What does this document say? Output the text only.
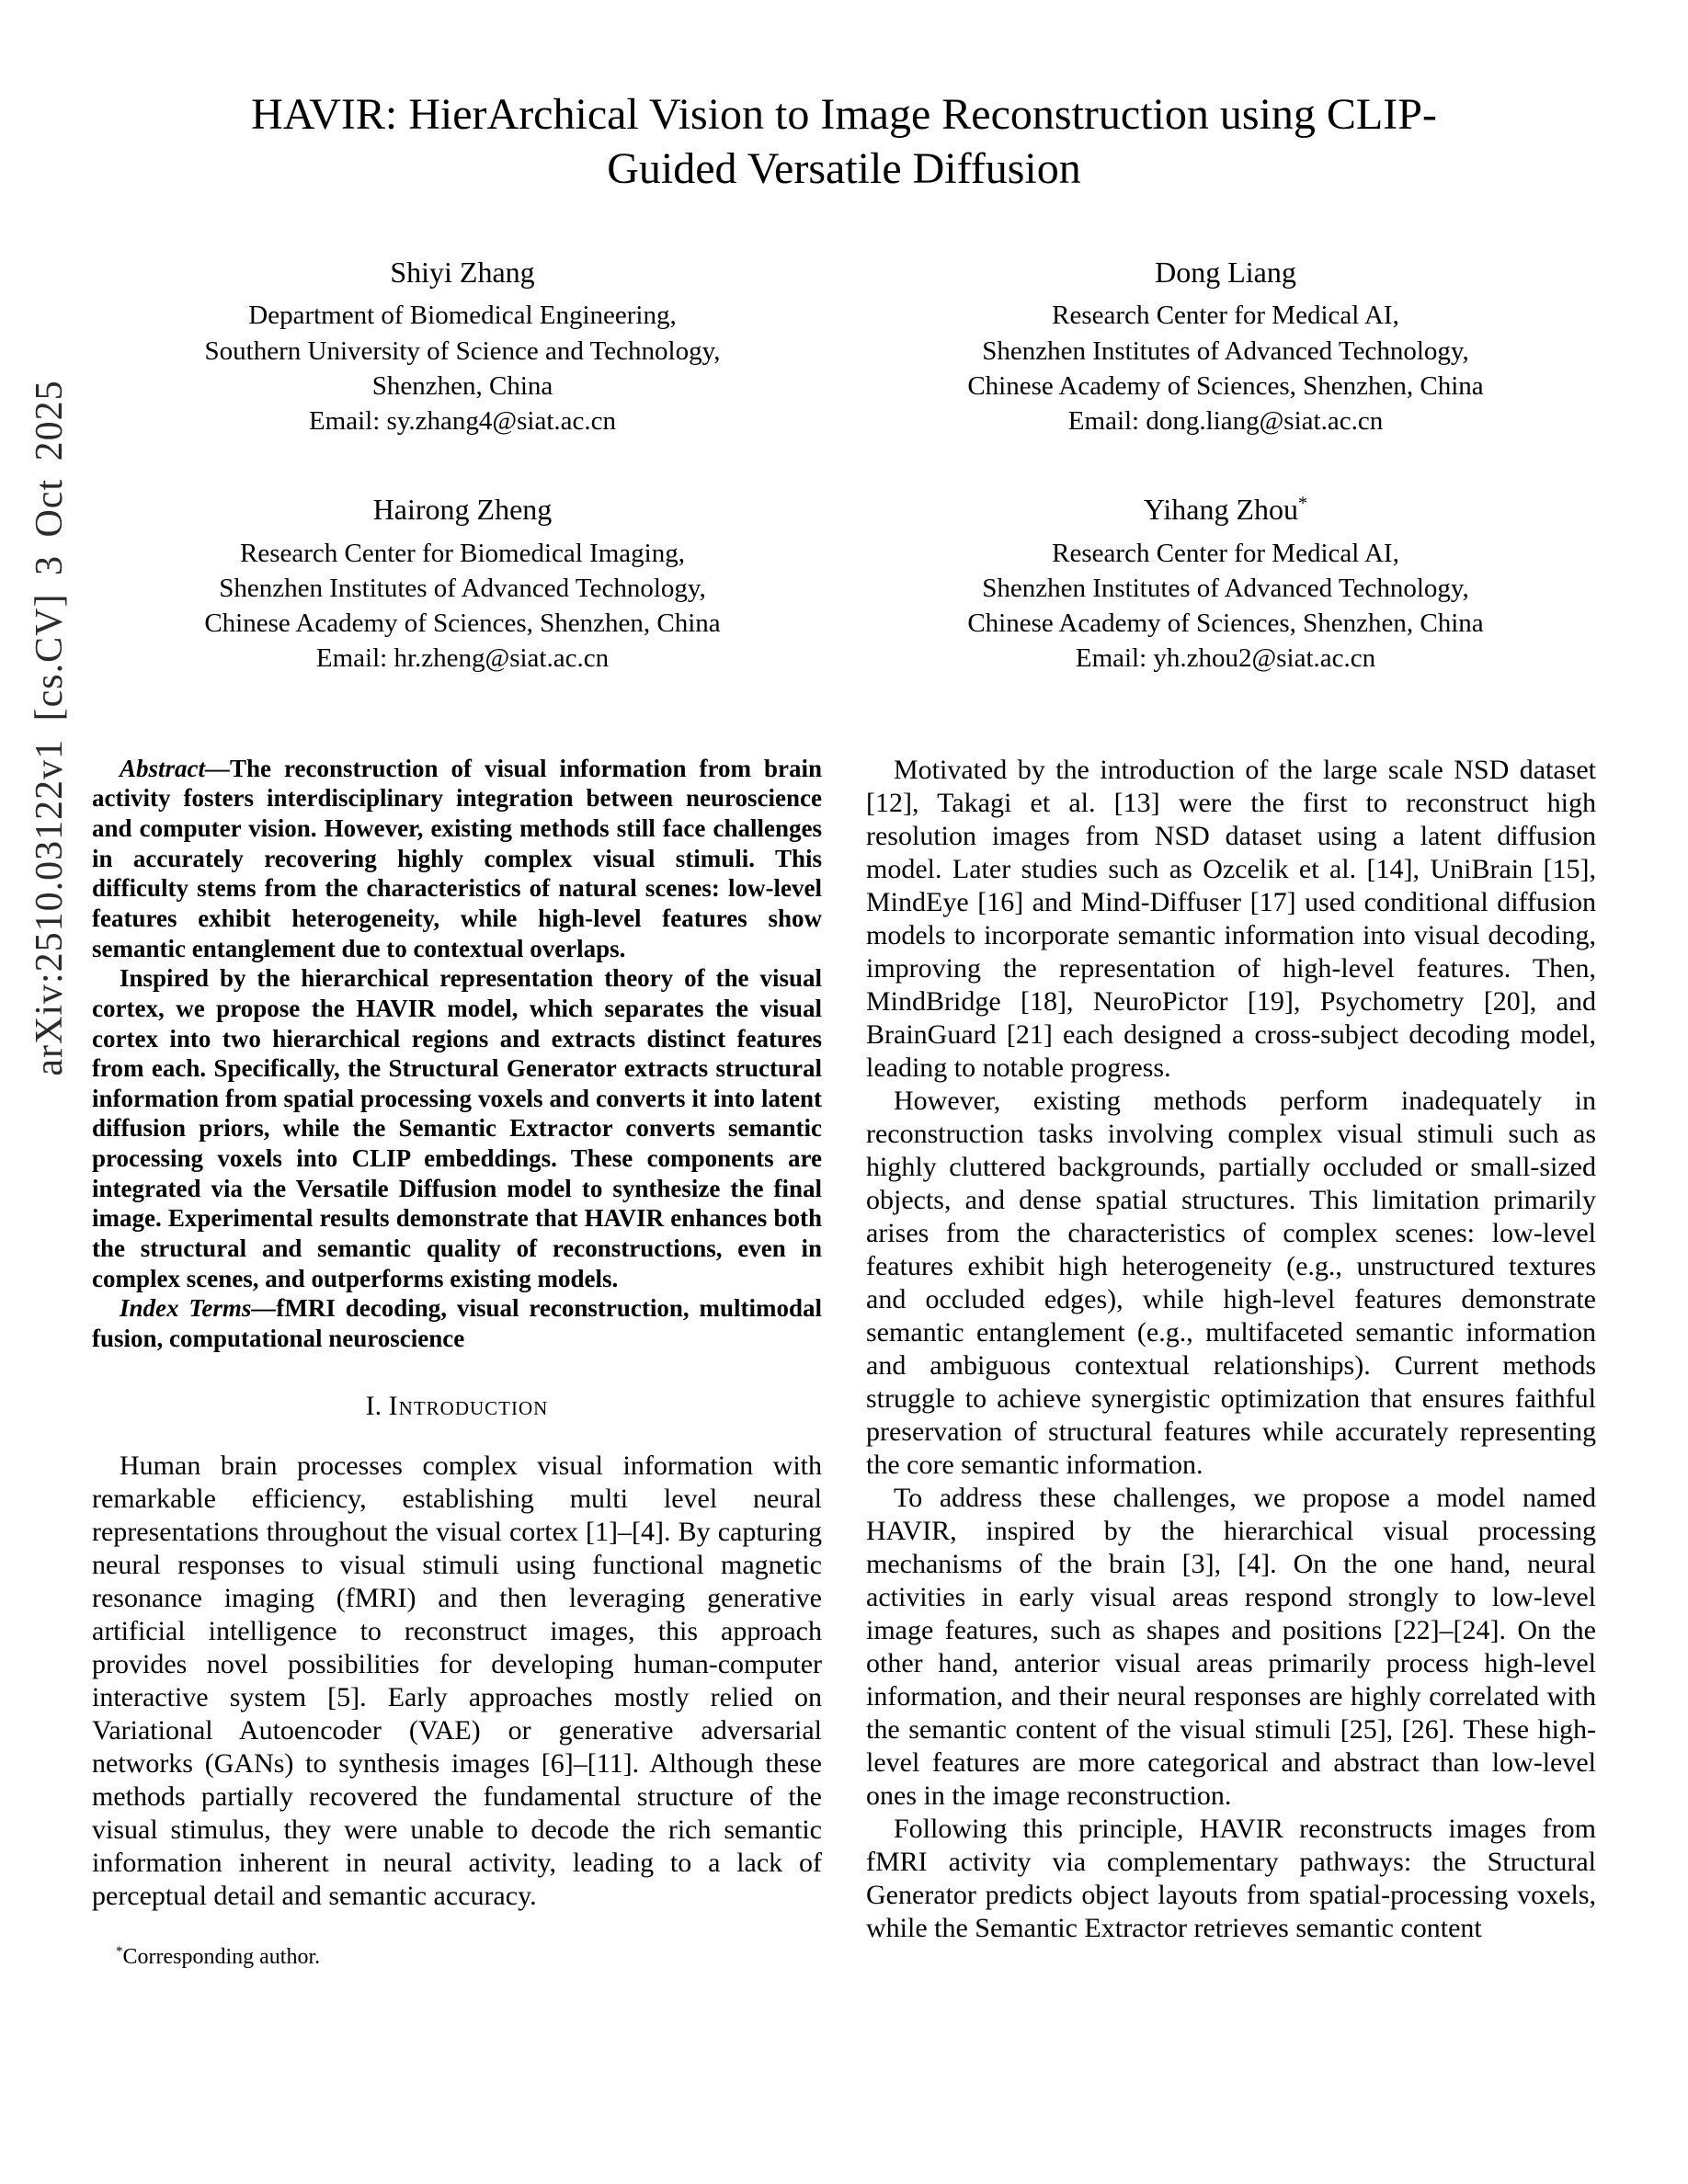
arXiv:2510.03122v1 [cs.CV] 3 Oct 2025
HAVIR: HierArchical Vision to Image Reconstruction using CLIP-Guided Versatile Diffusion
Shiyi Zhang
Department of Biomedical Engineering,
Southern University of Science and Technology,
Shenzhen, China
Email: sy.zhang4@siat.ac.cn
Dong Liang
Research Center for Medical AI,
Shenzhen Institutes of Advanced Technology,
Chinese Academy of Sciences, Shenzhen, China
Email: dong.liang@siat.ac.cn
Hairong Zheng
Research Center for Biomedical Imaging,
Shenzhen Institutes of Advanced Technology,
Chinese Academy of Sciences, Shenzhen, China
Email: hr.zheng@siat.ac.cn
Yihang Zhou*
Research Center for Medical AI,
Shenzhen Institutes of Advanced Technology,
Chinese Academy of Sciences, Shenzhen, China
Email: yh.zhou2@siat.ac.cn

Abstract—The reconstruction of visual information from brain activity fosters interdisciplinary integration between neuroscience and computer vision. However, existing methods still face challenges in accurately recovering highly complex visual stimuli. This difficulty stems from the characteristics of natural scenes: low-level features exhibit heterogeneity, while high-level features show semantic entanglement due to contextual overlaps.

Inspired by the hierarchical representation theory of the visual cortex, we propose the HAVIR model, which separates the visual cortex into two hierarchical regions and extracts distinct features from each. Specifically, the Structural Generator extracts structural information from spatial processing voxels and converts it into latent diffusion priors, while the Semantic Extractor converts semantic processing voxels into CLIP embeddings. These components are integrated via the Versatile Diffusion model to synthesize the final image. Experimental results demonstrate that HAVIR enhances both the structural and semantic quality of reconstructions, even in complex scenes, and outperforms existing models.

Index Terms—fMRI decoding, visual reconstruction, multimodal fusion, computational neuroscience

I. Introduction

Human brain processes complex visual information with remarkable efficiency, establishing multi level neural representations throughout the visual cortex [1]–[4]. By capturing neural responses to visual stimuli using functional magnetic resonance imaging (fMRI) and then leveraging generative artificial intelligence to reconstruct images, this approach provides novel possibilities for developing human-computer interactive system [5]. Early approaches mostly relied on Variational Autoencoder (VAE) or generative adversarial networks (GANs) to synthesis images [6]–[11]. Although these methods partially recovered the fundamental structure of the visual stimulus, they were unable to decode the rich semantic information inherent in neural activity, leading to a lack of perceptual detail and semantic accuracy.

*Corresponding author.

Motivated by the introduction of the large scale NSD dataset [12], Takagi et al. [13] were the first to reconstruct high resolution images from NSD dataset using a latent diffusion model. Later studies such as Ozcelik et al. [14], UniBrain [15], MindEye [16] and Mind-Diffuser [17] used conditional diffusion models to incorporate semantic information into visual decoding, improving the representation of high-level features. Then, MindBridge [18], NeuroPictor [19], Psychometry [20], and BrainGuard [21] each designed a cross-subject decoding model, leading to notable progress.

However, existing methods perform inadequately in reconstruction tasks involving complex visual stimuli such as highly cluttered backgrounds, partially occluded or small-sized objects, and dense spatial structures. This limitation primarily arises from the characteristics of complex scenes: low-level features exhibit high heterogeneity (e.g., unstructured textures and occluded edges), while high-level features demonstrate semantic entanglement (e.g., multifaceted semantic information and ambiguous contextual relationships). Current methods struggle to achieve synergistic optimization that ensures faithful preservation of structural features while accurately representing the core semantic information.

To address these challenges, we propose a model named HAVIR, inspired by the hierarchical visual processing mechanisms of the brain [3], [4]. On the one hand, neural activities in early visual areas respond strongly to low-level image features, such as shapes and positions [22]–[24]. On the other hand, anterior visual areas primarily process high-level information, and their neural responses are highly correlated with the semantic content of the visual stimuli [25], [26]. These high-level features are more categorical and abstract than low-level ones in the image reconstruction.

Following this principle, HAVIR reconstructs images from fMRI activity via complementary pathways: the Structural Generator predicts object layouts from spatial-processing voxels, while the Semantic Extractor retrieves semantic content
